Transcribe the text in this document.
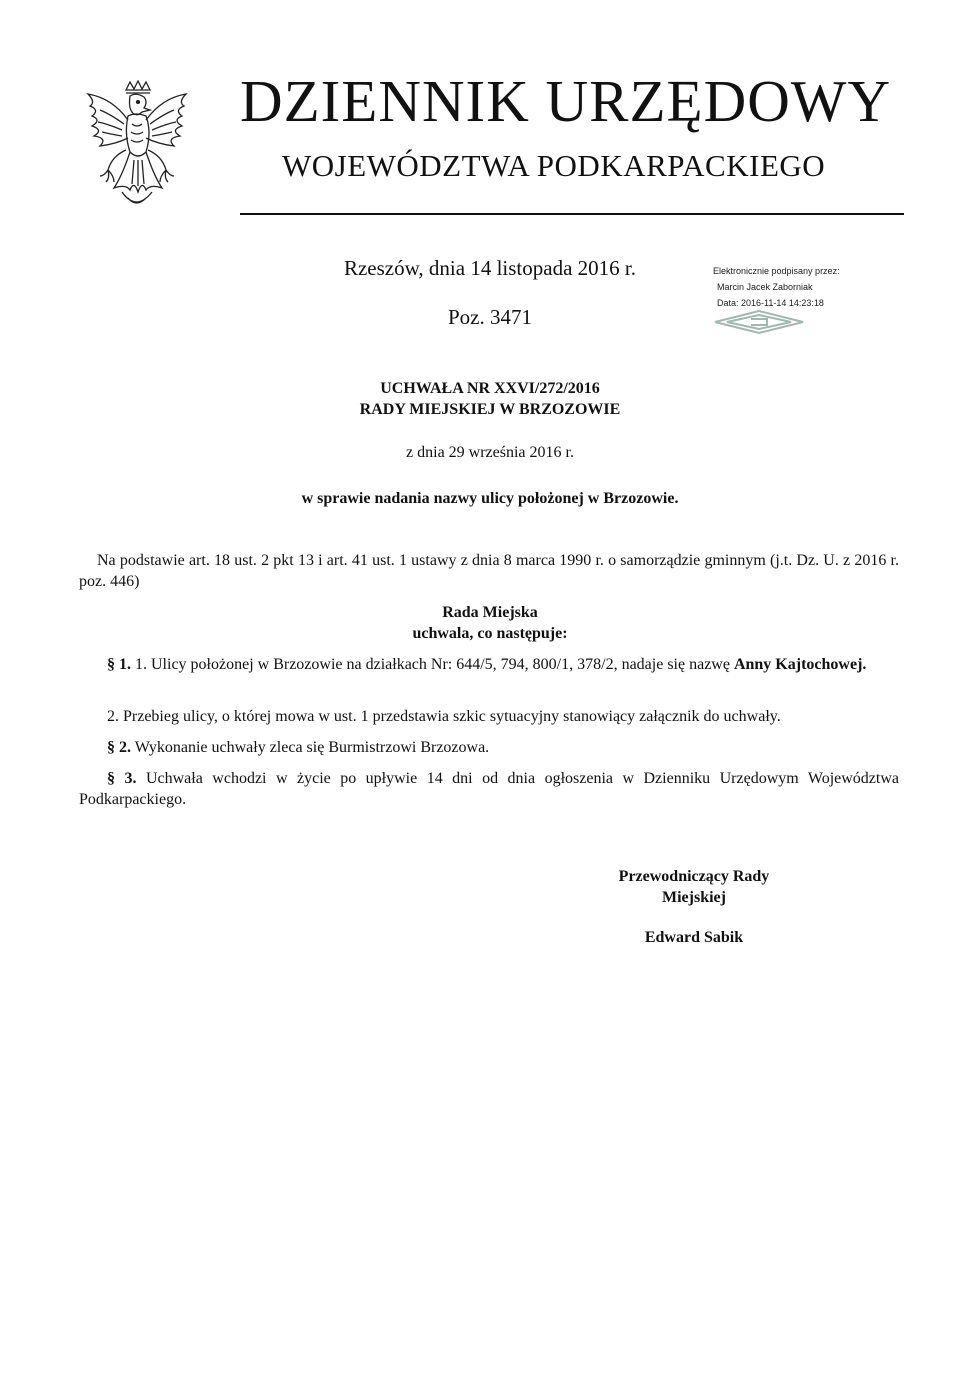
DZIENNIK URZĘDOWY
WOJEWÓDZTWA PODKARPACKIEGO
Rzeszów, dnia 14 listopada 2016 r.
Poz. 3471
Elektronicznie podpisany przez:
Marcin Jacek Zaborniak
Data: 2016-11-14 14:23:18
UCHWAŁA NR XXVI/272/2016
RADY MIEJSKIEJ W BRZOZOWIE
z dnia 29 września 2016 r.
w sprawie nadania nazwy ulicy położonej w Brzozowie.
Na podstawie art. 18 ust. 2 pkt 13 i art. 41 ust. 1 ustawy z dnia 8 marca 1990 r. o samorządzie gminnym (j.t. Dz. U. z 2016 r. poz. 446)
Rada Miejska
uchwala, co następuje:
§ 1. 1. Ulicy położonej w Brzozowie na działkach Nr: 644/5, 794, 800/1, 378/2, nadaje się nazwę Anny Kajtochowej.
2. Przebieg ulicy, o której mowa w ust. 1 przedstawia szkic sytuacyjny stanowiący załącznik do uchwały.
§ 2. Wykonanie uchwały zleca się Burmistrzowi Brzozowa.
§ 3. Uchwała wchodzi w życie po upływie 14 dni od dnia ogłoszenia w Dzienniku Urzędowym Województwa Podkarpackiego.
Przewodniczący Rady
Miejskiej
Edward Sabik
